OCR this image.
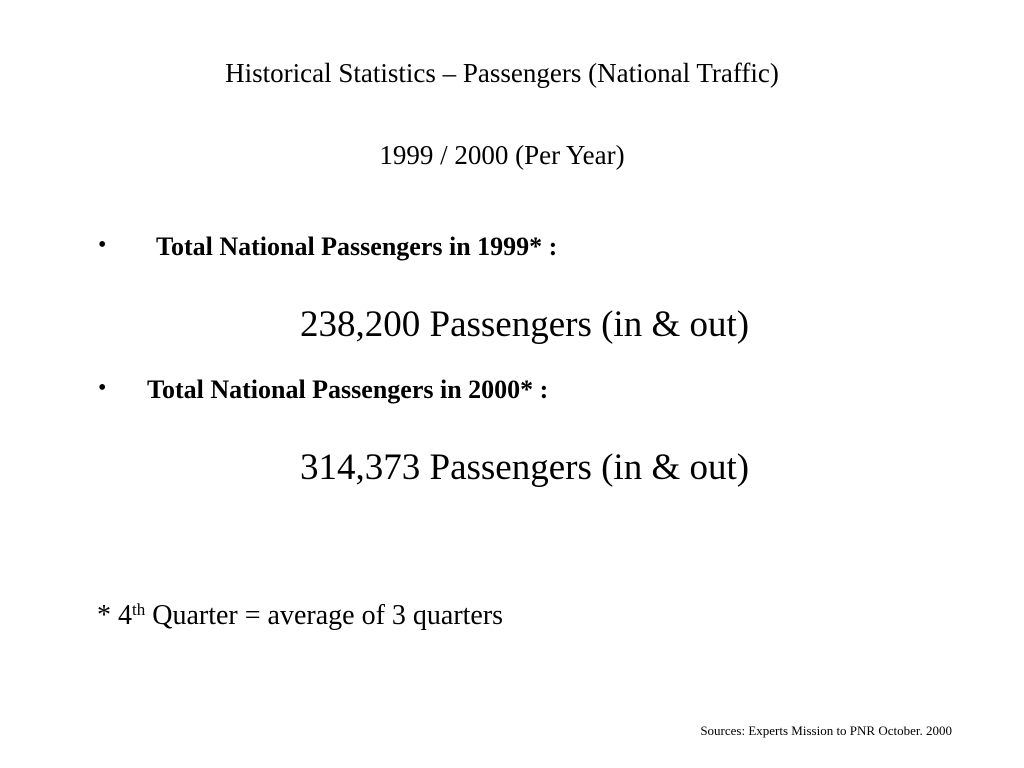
Historical Statistics – Passengers (National Traffic)
1999 / 2000 (Per Year)
• Total National Passengers in 1999* :
238,200 Passengers (in & out)
• Total National Passengers in 2000* :
314,373 Passengers (in & out)
* 4th Quarter = average of 3 quarters
Sources: Experts Mission to PNR October. 2000
